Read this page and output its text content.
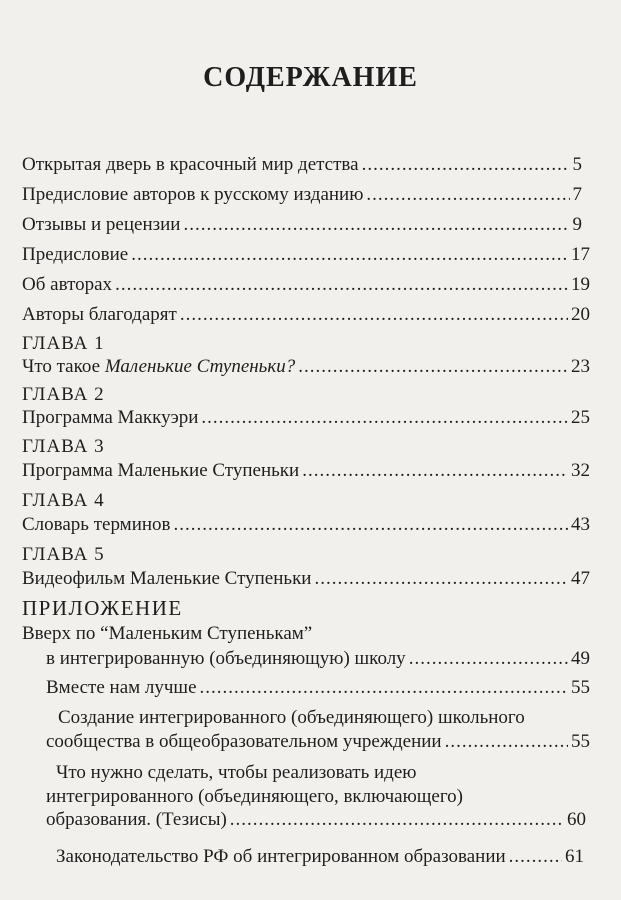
СОДЕРЖАНИЕ
Открытая дверь в красочный мир детства .....	5
Предисловие авторов к русскому изданию .....	7
Отзывы и рецензии .....	9
Предисловие .....	17
Об авторах .....	19
Авторы благодарят .....	20
ГЛАВА 1
Что такое Маленькие Ступеньки? .....	23
ГЛАВА 2
Программа Маккуэри .....	25
ГЛАВА 3
Программа Маленькие Ступеньки .....	32
ГЛАВА 4
Словарь терминов .....	43
ГЛАВА 5
Видеофильм Маленькие Ступеньки .....	47
ПРИЛОЖЕНИЕ
Вверх по “Маленьким Ступенькам”
в интегрированную (объединяющую) школу .....	49
Вместе нам лучше .....	55
Создание интегрированного (объединяющего) школьного
сообщества в общеобразовательном учреждении .....	55
Что нужно сделать, чтобы реализовать идею
интегрированного (объединяющего, включающего)
образования. (Тезисы) .....	60
Законодательство РФ об интегрированном образовании .....	61
